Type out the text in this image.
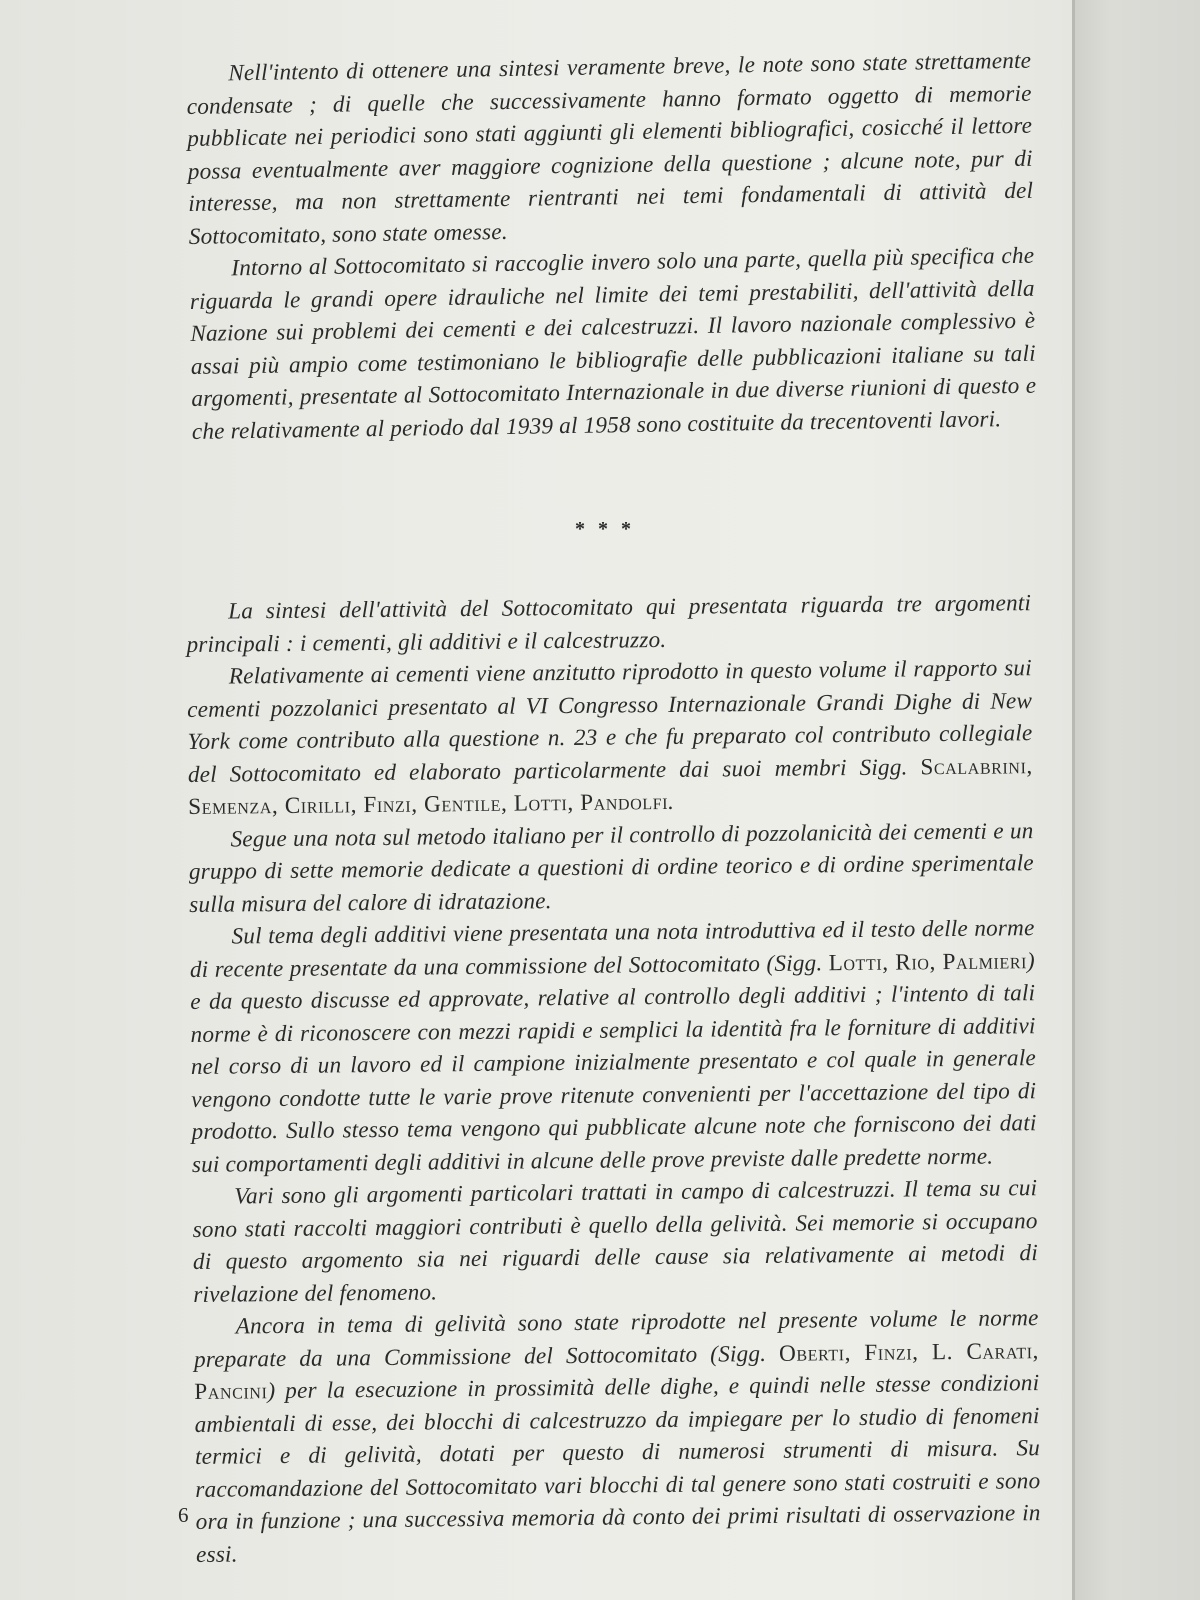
Nell'intento di ottenere una sintesi veramente breve, le note sono state strettamente condensate ; di quelle che successivamente hanno formato oggetto di memorie pubblicate nei periodici sono stati aggiunti gli elementi bibliografici, cosicché il lettore possa eventualmente aver maggiore cognizione della questione ; alcune note, pur di interesse, ma non strettamente rientranti nei temi fondamentali di attività del Sottocomitato, sono state omesse.

Intorno al Sottocomitato si raccoglie invero solo una parte, quella più specifica che riguarda le grandi opere idrauliche nel limite dei temi prestabiliti, dell'attività della Nazione sui problemi dei cementi e dei calcestruzzi. Il lavoro nazionale complessivo è assai più ampio come testimoniano le bibliografie delle pubblicazioni italiane su tali argomenti, presentate al Sottocomitato Internazionale in due diverse riunioni di questo e che relativamente al periodo dal 1939 al 1958 sono costituite da trecentoventi lavori.

* * *

La sintesi dell'attività del Sottocomitato qui presentata riguarda tre argomenti principali : i cementi, gli additivi e il calcestruzzo.

Relativamente ai cementi viene anzitutto riprodotto in questo volume il rapporto sui cementi pozzolanici presentato al VI Congresso Internazionale Grandi Dighe di New York come contributo alla questione n. 23 e che fu preparato col contributo collegiale del Sottocomitato ed elaborato particolarmente dai suoi membri Sigg. Scalabrini, Semenza, Cirilli, Finzi, Gentile, Lotti, Pandolfi.

Segue una nota sul metodo italiano per il controllo di pozzolanicità dei cementi e un gruppo di sette memorie dedicate a questioni di ordine teorico e di ordine sperimentale sulla misura del calore di idratazione.

Sul tema degli additivi viene presentata una nota introduttiva ed il testo delle norme di recente presentate da una commissione del Sottocomitato (Sigg. Lotti, Rio, Palmieri) e da questo discusse ed approvate, relative al controllo degli additivi ; l'intento di tali norme è di riconoscere con mezzi rapidi e semplici la identità fra le forniture di additivi nel corso di un lavoro ed il campione inizialmente presentato e col quale in generale vengono condotte tutte le varie prove ritenute convenienti per l'accettazione del tipo di prodotto. Sullo stesso tema vengono qui pubblicate alcune note che forniscono dei dati sui comportamenti degli additivi in alcune delle prove previste dalle predette norme.

Vari sono gli argomenti particolari trattati in campo di calcestruzzi. Il tema su cui sono stati raccolti maggiori contributi è quello della gelività. Sei memorie si occupano di questo argomento sia nei riguardi delle cause sia relativamente ai metodi di rivelazione del fenomeno.

Ancora in tema di gelività sono state riprodotte nel presente volume le norme preparate da una Commissione del Sottocomitato (Sigg. Oberti, Finzi, L. Carati, Pancini) per la esecuzione in prossimità delle dighe, e quindi nelle stesse condizioni ambientali di esse, dei blocchi di calcestruzzo da impiegare per lo studio di fenomeni termici e di gelività, dotati per questo di numerosi strumenti di misura. Su raccomandazione del Sottocomitato vari blocchi di tal genere sono stati costruiti e sono ora in funzione ; una successiva memoria dà conto dei primi risultati di osservazione in essi.

6
